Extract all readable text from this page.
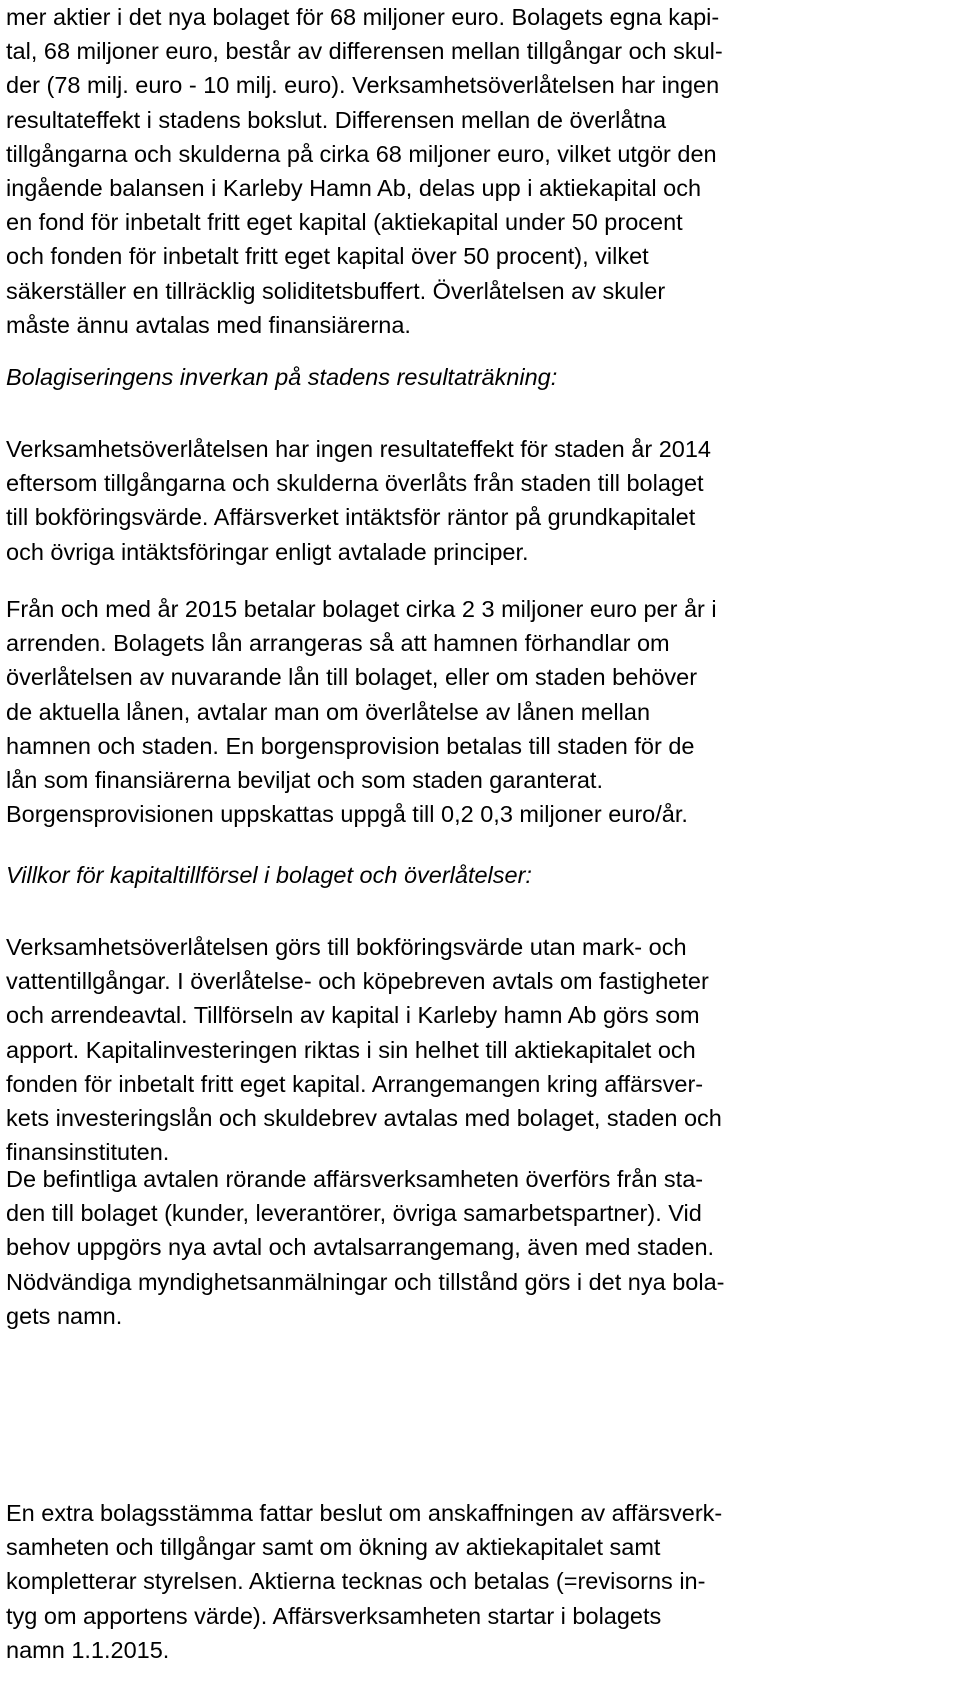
mer aktier i det nya bolaget för 68 miljoner euro. Bolagets egna kapi-
tal, 68 miljoner euro, består av differensen mellan tillgångar och skul-
der (78 milj. euro - 10 milj. euro). Verksamhetsöverlåtelsen har ingen
resultateffekt i stadens bokslut. Differensen mellan de överlåtna
tillgångarna och skulderna på cirka 68 miljoner euro, vilket utgör den
ingående balansen i Karleby Hamn Ab, delas upp i aktiekapital och
en fond för inbetalt fritt eget kapital (aktiekapital under 50 procent
och fonden för inbetalt fritt eget kapital över 50 procent), vilket
säkerställer en tillräcklig soliditetsbuffert. Överlåtelsen av skuler
måste ännu avtalas med finansiärerna.
Bolagiseringens inverkan på stadens resultaträkning:
Verksamhetsöverlåtelsen har ingen resultateffekt för staden år 2014
eftersom tillgångarna och skulderna överlåts från staden till bolaget
till bokföringsvärde. Affärsverket intäktsför räntor på grundkapitalet
och övriga intäktsföringar enligt avtalade principer.
Från och med år 2015 betalar bolaget cirka 2 3 miljoner euro per år i
arrenden. Bolagets lån arrangeras så att hamnen förhandlar om
överlåtelsen av nuvarande lån till bolaget, eller om staden behöver
de aktuella lånen, avtalar man om överlåtelse av lånen mellan
hamnen och staden. En borgensprovision betalas till staden för de
lån som finansiärerna beviljat och som staden garanterat.
Borgensprovisionen uppskattas uppgå till 0,2 0,3 miljoner euro/år.
Villkor för kapitaltillförsel i bolaget och överlåtelser:
Verksamhetsöverlåtelsen görs till bokföringsvärde utan mark- och
vattentillgångar. I överlåtelse- och köpebreven avtals om fastigheter
och arrendeavtal. Tillförseln av kapital i Karleby hamn Ab görs som
apport. Kapitalinvesteringen riktas i sin helhet till aktiekapitalet och
fonden för inbetalt fritt eget kapital. Arrangemangen kring affärsver-
kets investeringslån och skuldebrev avtalas med bolaget, staden och
finansinstituten.
De befintliga avtalen rörande affärsverksamheten överförs från sta-
den till bolaget (kunder, leverantörer, övriga samarbetspartner). Vid
behov uppgörs nya avtal och avtalsarrangemang, även med staden.
Nödvändiga myndighetsanmälningar och tillstånd görs i det nya bola-
gets namn.
En extra bolagsstämma fattar beslut om anskaffningen av affärsverk-
samheten och tillgångar samt om ökning av aktiekapitalet samt
kompletterar styrelsen. Aktierna tecknas och betalas (=revisorns in-
tyg om apportens värde). Affärsverksamheten startar i bolagets
namn 1.1.2015.
